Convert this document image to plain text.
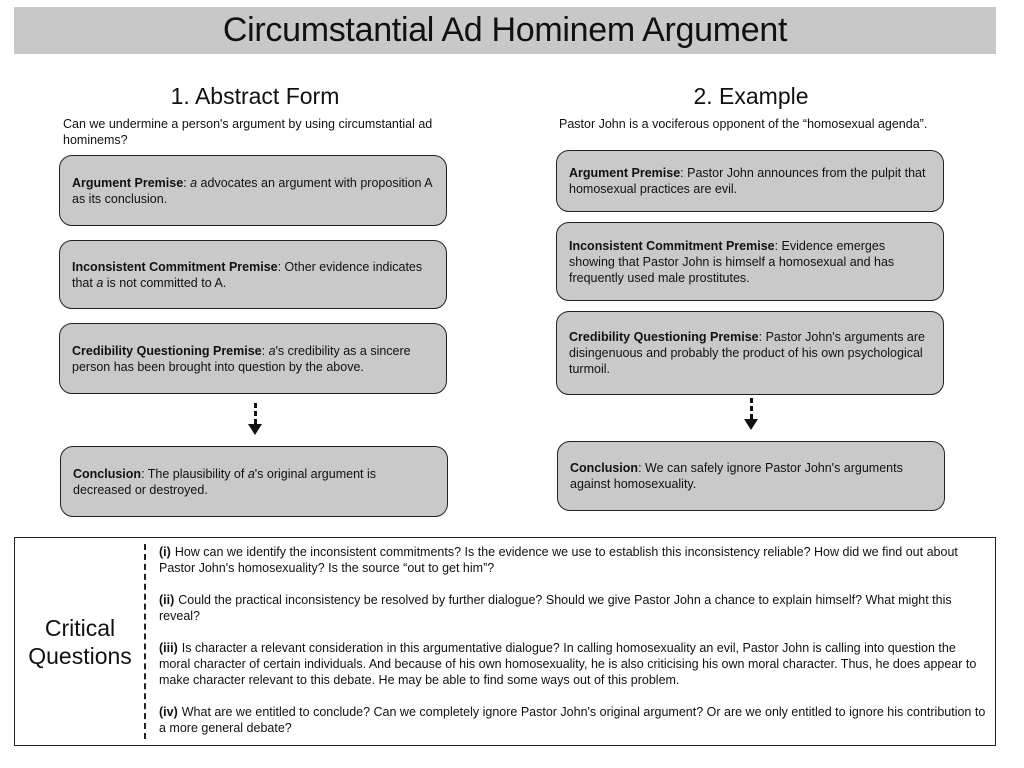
Circumstantial Ad Hominem Argument
1. Abstract Form
Can we undermine a person's argument by using circumstantial ad hominems?
Argument Premise: a advocates an argument with proposition A as its conclusion.
Inconsistent Commitment Premise: Other evidence indicates that a is not committed to A.
Credibility Questioning Premise: a's credibility as a sincere person has been brought into question by the above.
Conclusion: The plausibility of a's original argument is decreased or destroyed.
2. Example
Pastor John is a vociferous opponent of the “homosexual agenda”.
Argument Premise: Pastor John announces from the pulpit that homosexual practices are evil.
Inconsistent Commitment Premise: Evidence emerges showing that Pastor John is himself a homosexual and has frequently used male prostitutes.
Credibility Questioning Premise: Pastor John's arguments are disingenuous and probably the product of his own psychological turmoil.
Conclusion: We can safely ignore Pastor John's arguments against homosexuality.
Critical
Questions
(i) How can we identify the inconsistent commitments? Is the evidence we use to establish this inconsistency reliable? How did we find out about Pastor John's homosexuality? Is the source “out to get him”?
(ii) Could the practical inconsistency be resolved by further dialogue? Should we give Pastor John a chance to explain himself? What might this reveal?
(iii) Is character a relevant consideration in this argumentative dialogue? In calling homosexuality an evil, Pastor John is calling into question the moral character of certain individuals. And because of his own homosexuality, he is also criticising his own moral character. Thus, he does appear to make character relevant to this debate. He may be able to find some ways out of this problem.
(iv) What are we entitled to conclude? Can we completely ignore Pastor John's original argument? Or are we only entitled to ignore his contribution to a more general debate?
